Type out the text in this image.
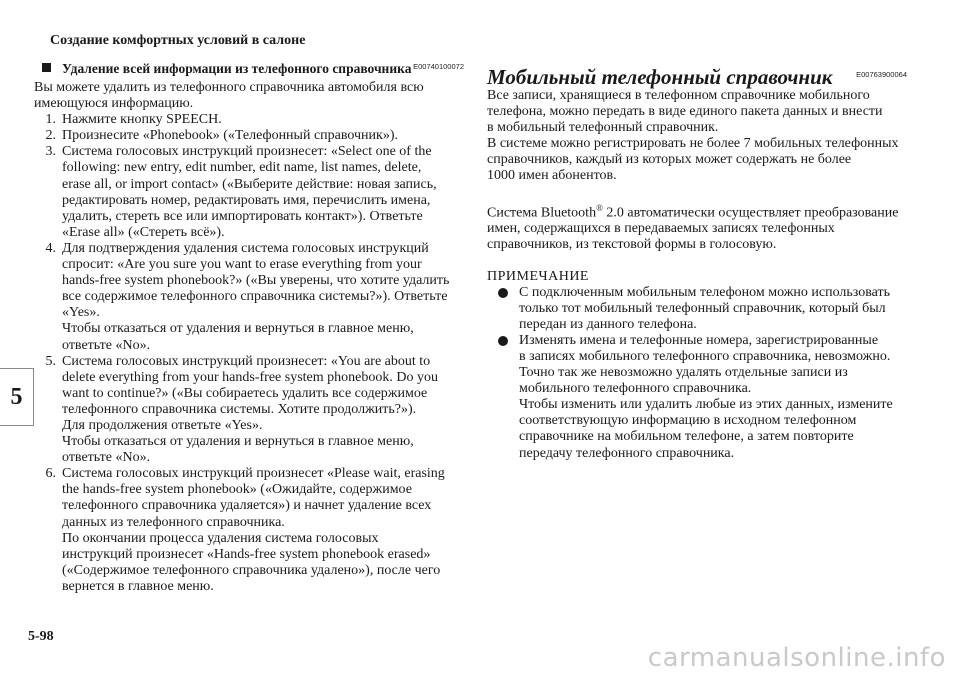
Создание комфортных условий в салоне
5
Удаление всей информации из телефонного справочника E00740100072

Вы можете удалить из телефонного справочника автомобиля всю
имеющуюся информацию.

1. Нажмите кнопку SPEECH.
2. Произнесите «Phonebook» («Телефонный справочник»).
3. Система голосовых инструкций произнесет: «Select one of the
following: new entry, edit number, edit name, list names, delete,
erase all, or import contact» («Выберите действие: новая запись,
редактировать номер, редактировать имя, перечислить имена,
удалить, стереть все или импортировать контакт»). Ответьте
«Erase all» («Стереть всё»).
4. Для подтверждения удаления система голосовых инструкций
спросит: «Are you sure you want to erase everything from your
hands-free system phonebook?» («Вы уверены, что хотите удалить
все содержимое телефонного справочника системы?»). Ответьте
«Yes».
Чтобы отказаться от удаления и вернуться в главное меню,
ответьте «No».
5. Система голосовых инструкций произнесет: «You are about to
delete everything from your hands-free system phonebook. Do you
want to continue?» («Вы собираетесь удалить все содержимое
телефонного справочника системы. Хотите продолжить?»).
Для продолжения ответьте «Yes».
Чтобы отказаться от удаления и вернуться в главное меню,
ответьте «No».
6. Система голосовых инструкций произнесет «Please wait, erasing
the hands-free system phonebook» («Ожидайте, содержимое
телефонного справочника удаляется») и начнет удаление всех
данных из телефонного справочника.
По окончании процесса удаления система голосовых
инструкций произнесет «Hands-free system phonebook erased»
(«Содержимое телефонного справочника удалено»), после чего
вернется в главное меню.
Мобильный телефонный справочник	E00763900064

Все записи, хранящиеся в телефонном справочнике мобильного
телефона, можно передать в виде единого пакета данных и внести
в мобильный телефонный справочник.
В системе можно регистрировать не более 7 мобильных телефонных
справочников, каждый из которых может содержать не более
1000 имен абонентов.

Система Bluetooth® 2.0 автоматически осуществляет преобразование
имен, содержащихся в передаваемых записях телефонных
справочников, из текстовой формы в голосовую.

ПРИМЕЧАНИЕ

С подключенным мобильным телефоном можно использовать
только тот мобильный телефонный справочник, который был
передан из данного телефона.
Изменять имена и телефонные номера, зарегистрированные
в записях мобильного телефонного справочника, невозможно.
Точно так же невозможно удалять отдельные записи из
мобильного телефонного справочника.
Чтобы изменить или удалить любые из этих данных, измените
соответствующую информацию в исходном телефонном
справочнике на мобильном телефоне, а затем повторите
передачу телефонного справочника.
5-98
carmanualsonline.info
